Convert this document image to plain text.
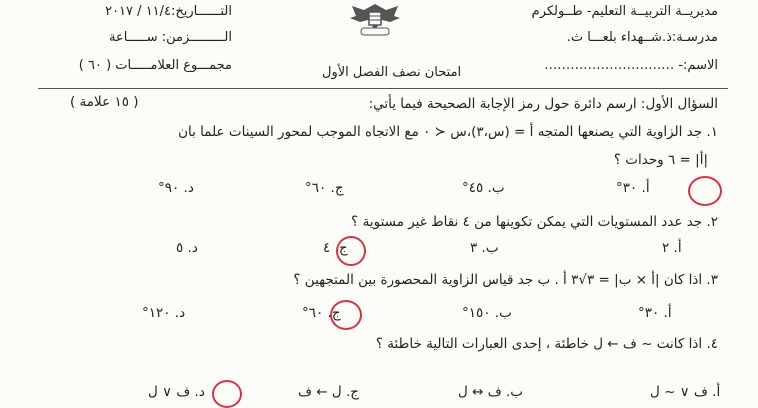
مديريــة التربيــة التعليم- طــولكرم
مدرسـة:ذ.شــهداء بلعـــا ث.
الاسم:- …………………………
التــــــاريخ:١١/٤ / ٢٠١٧
الـــــــــزمن: ســـــاعة
مجمـــوع العلامـــــات ( ٦٠ )	امتحان نصف الفصل الأول
السؤال الأول: ارسم دائرة حول رمز الإجابة الصحيحة فيما يأتي:
( ١٥ علامة )
١. جد الزاوية التي يصنعها المتجه أ = (س،٣)،س ≺ ٠ مع الاتجاه الموجب لمحور السينات علما بان
|أ| = ٦ وحدات ؟
أ. ٣٠°
ب. ٤٥°
ج. ٦٠°
د. ٩٠°
٢. جد عدد المستويات التي يمكن تكوينها من ٤ نقاط غير مستوية ؟
أ. ٢
ب. ٣
ج. ٤
د. ٥
٣. اذا كان |أ × ب| = ٣√٣ أ . ب جد قياس الزاوية المحصورة بين المتجهين ؟
أ. ٣٠°
ب. ١٥٠°
ج. ٦٠°
د. ١٢٠°
٤. اذا كانت ~ ف ← ل خاطئة ، إحدى العبارات التالية خاطئة ؟
أ. ف ∨ ~ ل
ب. ف ↔ ل
ج. ل ← ف
د. ف ∨ ل
